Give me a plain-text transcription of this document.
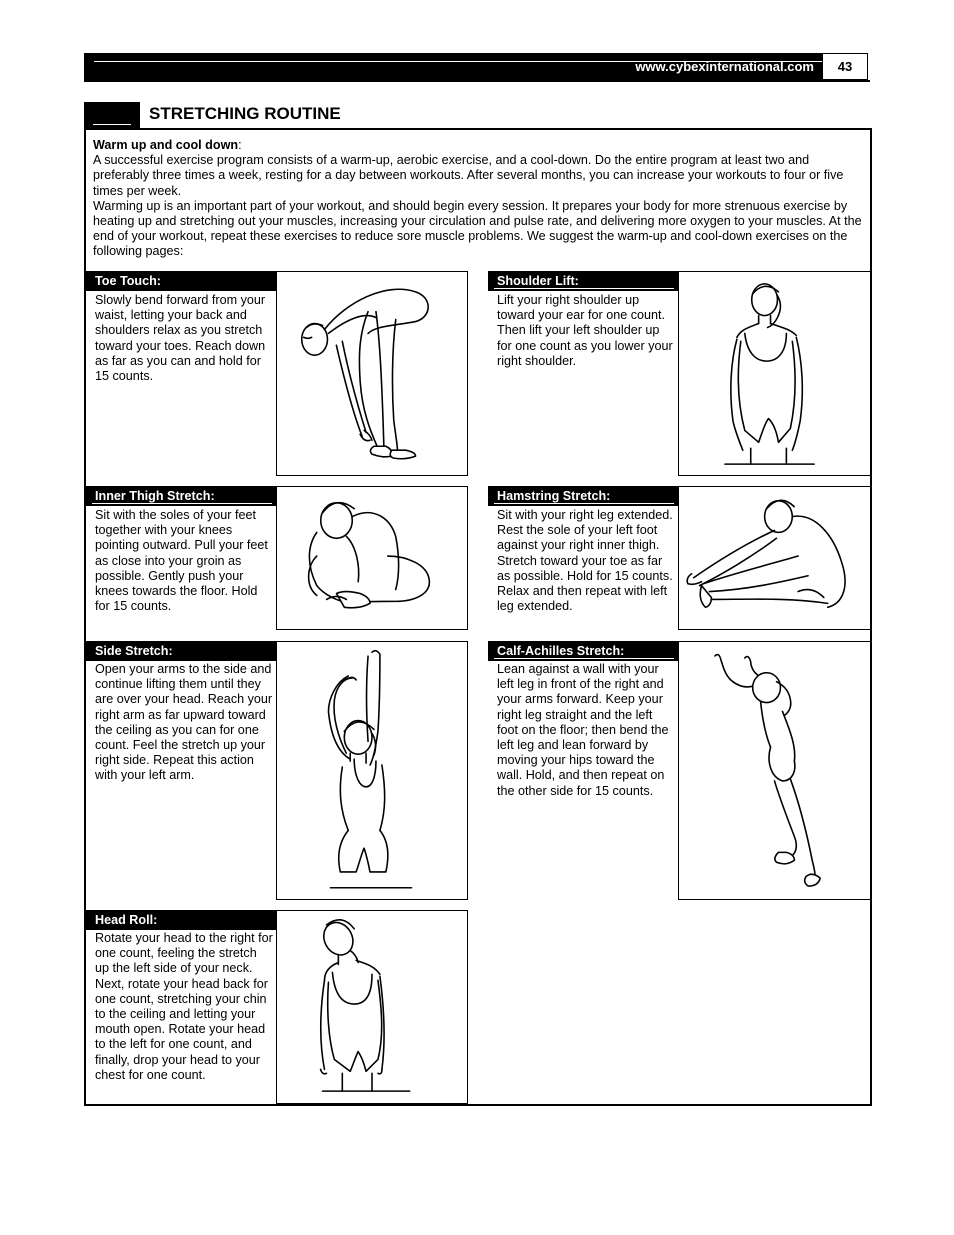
www.cybexinternational.com	43
STRETCHING ROUTINE

Warm up and cool down:

A successful exercise program consists of a warm-up, aerobic exercise, and a cool-down. Do the entire program at least two and preferably three times a week, resting for a day between workouts. After several months, you can increase your workouts to four or five times per week.

Warming up is an important part of your workout, and should begin every session. It prepares your body for more strenuous exercise by heating up and stretching out your muscles, increasing your circulation and pulse rate, and delivering more oxygen to your muscles. At the end of your workout, repeat these exercises to reduce sore muscle problems. We suggest the warm-up and cool-down exercises on the following pages:

Toe Touch:
Slowly bend forward from your waist, letting your back and shoulders relax as you stretch toward your toes. Reach down as far as you can and hold for 15 counts.
Shoulder Lift:
Lift your right shoulder up toward your ear for one count. Then lift your left shoulder up for one count as you lower your right shoulder.
Inner Thigh Stretch:
Sit with the soles of your feet together with your knees pointing outward. Pull your feet as close into your groin as possible. Gently push your knees towards the floor. Hold for 15 counts.
Hamstring Stretch:
Sit with your right leg extended. Rest the sole of your left foot against your right inner thigh. Stretch toward your toe as far as possible. Hold for 15 counts. Relax and then repeat with left leg extended.
Side Stretch:
Open your arms to the side and continue lifting them until they are over your head. Reach your right arm as far upward toward the ceiling as you can for one count. Feel the stretch up your right side. Repeat this action with your left arm.
Calf-Achilles Stretch:
Lean against a wall with your left leg in front of the right and your arms forward. Keep your right leg straight and the left foot on the floor; then bend the left leg and lean forward by moving your hips toward the wall. Hold, and then repeat on the other side for 15 counts.
Head Roll:
Rotate your head to the right for one count, feeling the stretch up the left side of your neck. Next, rotate your head back for one count, stretching your chin to the ceiling and letting your mouth open. Rotate your head to the left for one count, and finally, drop your head to your chest for one count.
